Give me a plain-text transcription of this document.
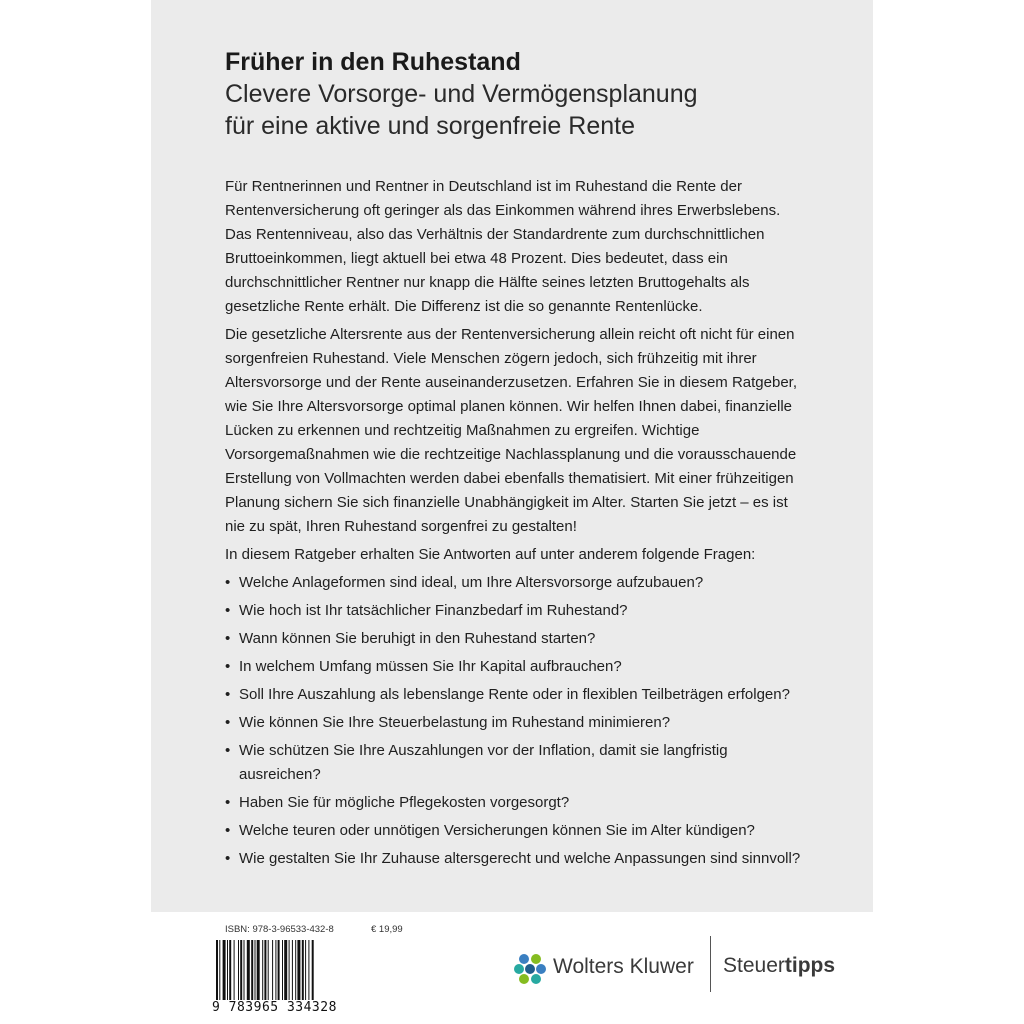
Früher in den Ruhestand
Clevere Vorsorge- und Vermögensplanung
für eine aktive und sorgenfreie Rente

Für Rentnerinnen und Rentner in Deutschland ist im Ruhestand die Rente der Rentenversicherung oft geringer als das Einkommen während ihres Erwerbslebens. Das Rentenniveau, also das Verhältnis der Standardrente zum durchschnittlichen Bruttoeinkommen, liegt aktuell bei etwa 48 Prozent. Dies bedeutet, dass ein durchschnittlicher Rentner nur knapp die Hälfte seines letzten Bruttogehalts als gesetzliche Rente erhält. Die Differenz ist die so genannte Rentenlücke.

Die gesetzliche Altersrente aus der Rentenversicherung allein reicht oft nicht für einen sorgenfreien Ruhestand. Viele Menschen zögern jedoch, sich frühzeitig mit ihrer Altersvorsorge und der Rente auseinanderzusetzen. Erfahren Sie in diesem Ratgeber, wie Sie Ihre Altersvorsorge optimal planen können. Wir helfen Ihnen dabei, finanzielle Lücken zu erkennen und rechtzeitig Maßnahmen zu ergreifen. Wichtige Vorsorgemaßnahmen wie die rechtzeitige Nachlassplanung und die vorausschauende Erstellung von Vollmachten werden dabei ebenfalls thematisiert. Mit einer frühzeitigen Planung sichern Sie sich finanzielle Unabhängigkeit im Alter. Starten Sie jetzt – es ist nie zu spät, Ihren Ruhestand sorgenfrei zu gestalten!

In diesem Ratgeber erhalten Sie Antworten auf unter anderem folgende Fragen:

• Welche Anlageformen sind ideal, um Ihre Altersvorsorge aufzubauen?
• Wie hoch ist Ihr tatsächlicher Finanzbedarf im Ruhestand?
• Wann können Sie beruhigt in den Ruhestand starten?
• In welchem Umfang müssen Sie Ihr Kapital aufbrauchen?
• Soll Ihre Auszahlung als lebenslange Rente oder in flexiblen Teilbeträgen erfolgen?
• Wie können Sie Ihre Steuerbelastung im Ruhestand minimieren?
• Wie schützen Sie Ihre Auszahlungen vor der Inflation, damit sie langfristig ausreichen?
• Haben Sie für mögliche Pflegekosten vorgesorgt?
• Welche teuren oder unnötigen Versicherungen können Sie im Alter kündigen?
• Wie gestalten Sie Ihr Zuhause altersgerecht und welche Anpassungen sind sinnvoll?
ISBN: 978-3-96533-432-8	€ 19,99
9 783965 334328
Wolters Kluwer Steuertipps
